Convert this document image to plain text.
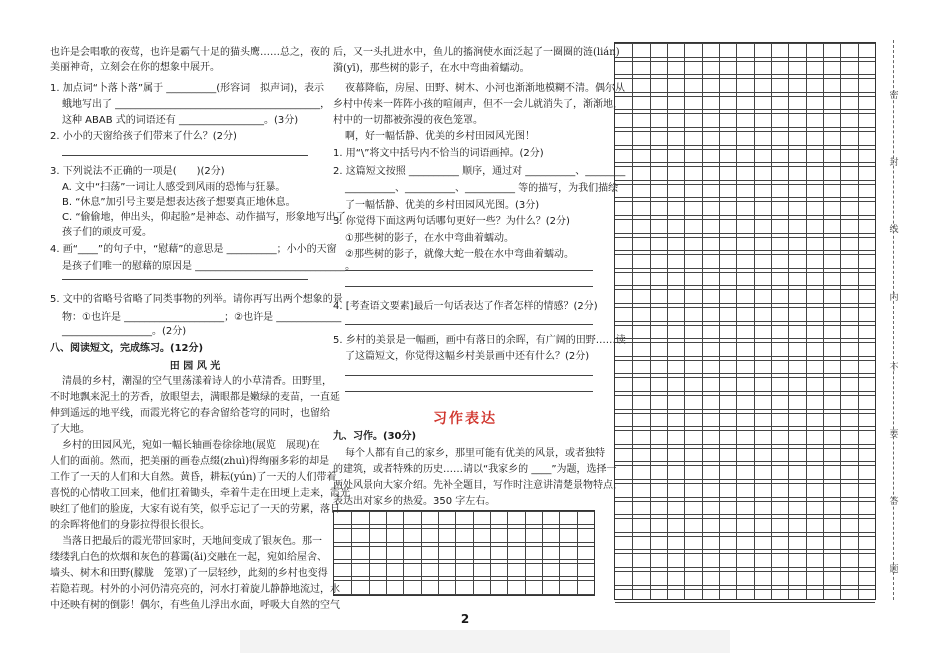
也许是会唱歌的夜莺，也许是霸气十足的猫头鹰……总之，夜的
美丽神奇，立刻会在你的想象中展开。
1. 加点词“卜落卜落”属于 __________(形容词　拟声词)，表示
蛾地写出了 _________________________________________，
这种 ABAB 式的词语还有 _________________。(3分)
2. 小小的天窗给孩子们带来了什么？(2分)
3. 下列说法不正确的一项是(　　)(2分)
A. 文中“扫荡”一词让人感受到风雨的恐怖与狂暴。
B. “休息”加引号主要是想表达孩子想要真正地休息。
C. “偷偷地，伸出头，仰起脸”是神态、动作描写，形象地写出了
孩子们的顽皮可爱。
4. 画“____”的句子中，“慰藉”的意思是 __________；小小的天窗
是孩子们唯一的慰藉的原因是 ______________________________。
5. 文中的省略号省略了同类事物的列举。请你再写出两个想象的景
物：①也许是 ____________________；②也许是 _____________
__________________。(2分)
八、阅读短文，完成练习。(12分)
清晨的乡村，潮湿的空气里荡漾着诗人的小草清香。田野里，
不时地飘来泥土的芳香，放眼望去，满眼都是嫩绿的麦苗，一直延
伸到遥远的地平线，而霞光将它的春舍留给苍穹的同时，也留给
了大地。
乡村的田园风光，宛如一幅长轴画卷徐徐地(展览　展现)在
人们的面前。然而，把美丽的画卷点缀(zhuì)得绚丽多彩的却是
工作了一天的人们和大自然。黄昏，耕耘(yún)了一天的人们带着
喜悦的心情收工回来，他们扛着锄头，牵着牛走在田埂上走来，霞光
映红了他们的脸庞，大家有说有笑，似乎忘记了一天的劳累，落日
的余晖将他们的身影拉得很长很长。
当落日把最后的霞光带回家时，天地间变成了银灰色。那一
缕缕乳白色的炊烟和灰色的暮霭(ǎi)交融在一起，宛如给屋舍、
墙头、树木和田野(朦胧　笼罩)了一层轻纱，此刻的乡村也变得
若隐若现。村外的小河仍清亮亮的，河水打着旋儿静静地流过，水
中还映有树的倒影！偶尔，有些鱼儿浮出水面，呼吸大自然的空气
后，又一头扎进水中，鱼儿的搐涧使水面泛起了一圈圈的涟(lián)
漪(yī)，那些树的影子，在水中弯曲着蠕动。
夜幕降临，房屋、田野、树木、小河也渐渐地模糊不清。偶尔从
乡村中传来一阵阵小孩的喧闹声，但不一会儿就消失了，渐渐地，
村中的一切都被弥漫的夜色笼罩。
啊，好一幅恬静、优美的乡村田园风光图！
1. 用“\”将文中括号内不恰当的词语画掉。(2分)
2. 这篇短文按照 __________ 顺序，通过对 __________、________
__________、__________、__________ 等的描写，为我们描绘
了一幅恬静、优美的乡村田园风光图。(3分)
3. 你觉得下面这两句话哪句更好一些？为什么？(2分)
①那些树的影子，在水中弯曲着蠕动。
②那些树的影子，就像大蛇一般在水中弯曲着蠕动。
4. [考查语文要素]最后一句话表达了作者怎样的情感？(2分)
5. 乡村的美景是一幅画，画中有落日的余晖，有广阔的田野……读
了这篇短文，你觉得这幅乡村美景画中还有什么？(2分)
九、习作。(30分)
每个人都有自己的家乡，那里可能有优美的风景，或者独特
的建筑，或者特殊的历史……请以“我家乡的 ____”为题，选择一
两处风景向大家介绍。先补全题目，写作时注意讲清楚景物特点，
表达出对家乡的热爱。350 字左右。
田 园 风 光
习作表达
密
封
线
内
不
要
答
题
2
